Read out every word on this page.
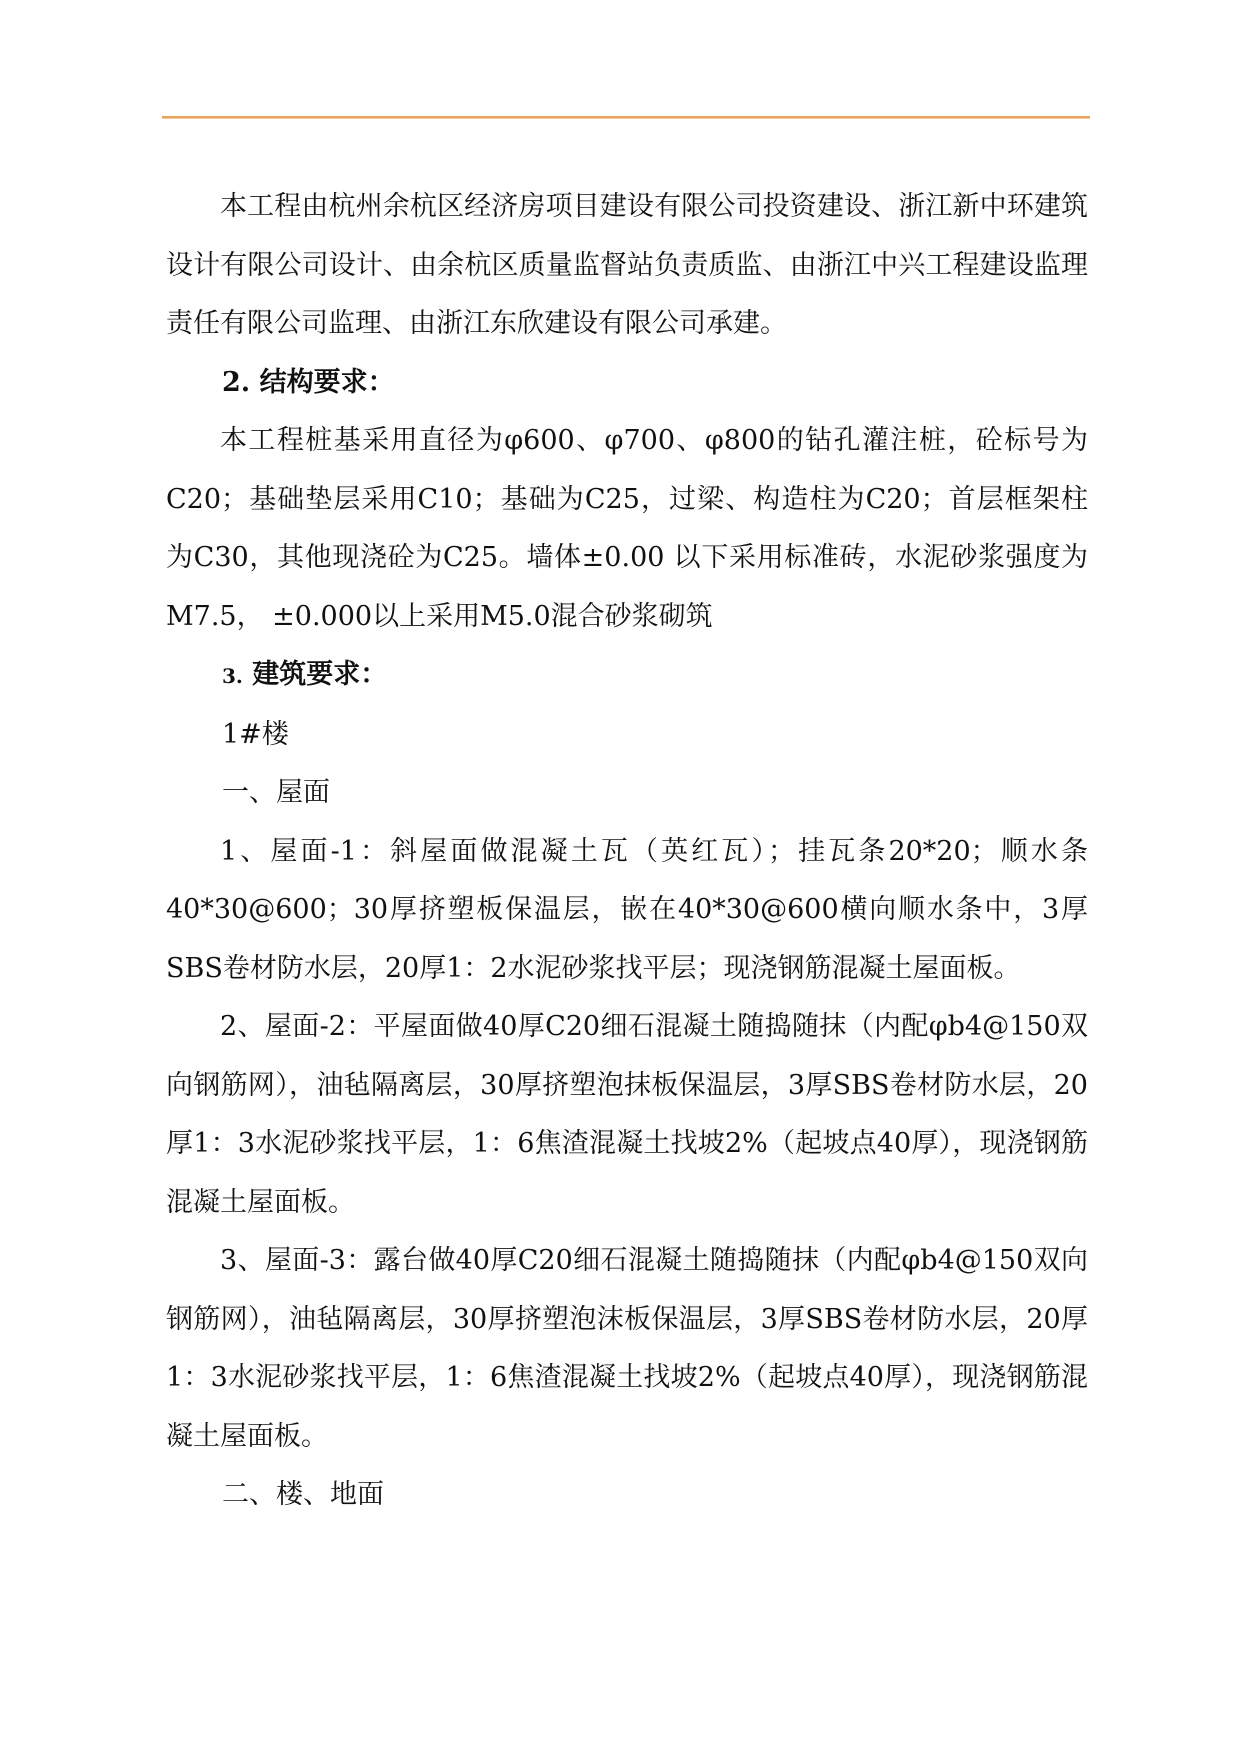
本工程由杭州余杭区经济房项目建设有限公司投资建设、浙江新中环建筑设计有限公司设计、由余杭区质量监督站负责质监、由浙江中兴工程建设监理责任有限公司监理、由浙江东欣建设有限公司承建。

2. 结构要求：

本工程桩基采用直径为φ600、φ700、φ800的钻孔灌注桩，砼标号为C20；基础垫层采用C10；基础为C25，过梁、构造柱为C20；首层框架柱为C30，其他现浇砼为C25。墙体±0.00 以下采用标准砖，水泥砂浆强度为M7.5， ±0.000以上采用M5.0混合砂浆砌筑

3. 建筑要求：

1#楼

一、屋面

1、屋面-1：斜屋面做混凝土瓦（英红瓦）；挂瓦条20*20；顺水条40*30@600；30厚挤塑板保温层，嵌在40*30@600横向顺水条中，3厚SBS卷材防水层，20厚1：2水泥砂浆找平层；现浇钢筋混凝土屋面板。

2、屋面-2：平屋面做40厚C20细石混凝土随捣随抹（内配φb4@150双向钢筋网），油毡隔离层，30厚挤塑泡抹板保温层，3厚SBS卷材防水层，20厚1：3水泥砂浆找平层，1：6焦渣混凝土找坡2%（起坡点40厚），现浇钢筋混凝土屋面板。

3、屋面-3：露台做40厚C20细石混凝土随捣随抹（内配φb4@150双向钢筋网），油毡隔离层，30厚挤塑泡沫板保温层，3厚SBS卷材防水层，20厚1：3水泥砂浆找平层，1：6焦渣混凝土找坡2%（起坡点40厚），现浇钢筋混凝土屋面板。

二、楼、地面
